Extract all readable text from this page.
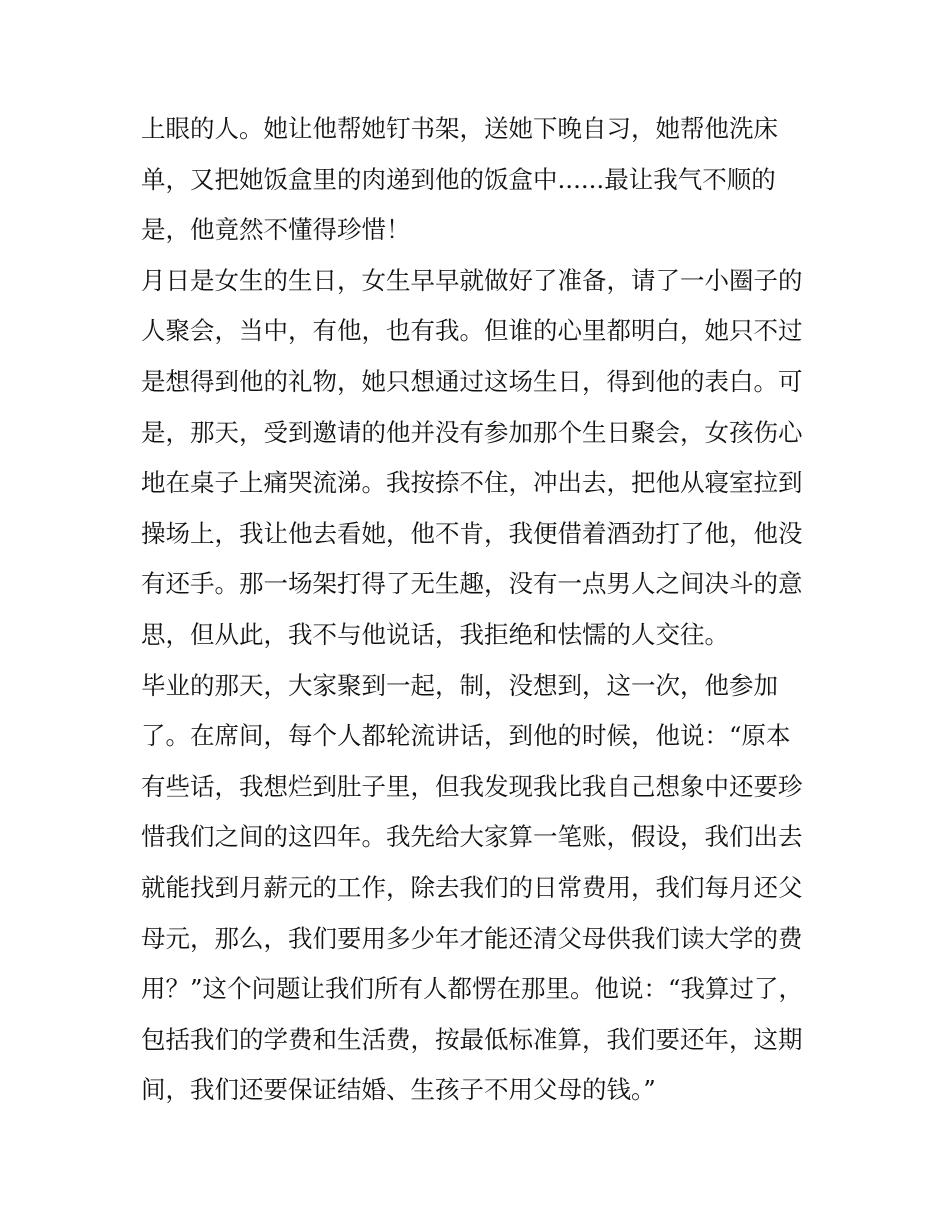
上眼的人。她让他帮她钉书架，送她下晚自习，她帮他洗床
单，又把她饭盒里的肉递到他的饭盒中......最让我气不顺的
是，他竟然不懂得珍惜！
月日是女生的生日，女生早早就做好了准备，请了一小圈子的
人聚会，当中，有他，也有我。但谁的心里都明白，她只不过
是想得到他的礼物，她只想通过这场生日，得到他的表白。可
是，那天，受到邀请的他并没有参加那个生日聚会，女孩伤心
地在桌子上痛哭流涕。我按捺不住，冲出去，把他从寝室拉到
操场上，我让他去看她，他不肯，我便借着酒劲打了他，他没
有还手。那一场架打得了无生趣，没有一点男人之间决斗的意
思，但从此，我不与他说话，我拒绝和怯懦的人交往。
毕业的那天，大家聚到一起，制，没想到，这一次，他参加
了。在席间，每个人都轮流讲话，到他的时候，他说：“原本
有些话，我想烂到肚子里，但我发现我比我自己想象中还要珍
惜我们之间的这四年。我先给大家算一笔账，假设，我们出去
就能找到月薪元的工作，除去我们的日常费用，我们每月还父
母元，那么，我们要用多少年才能还清父母供我们读大学的费
用？”这个问题让我们所有人都愣在那里。他说：“我算过了，
包括我们的学费和生活费，按最低标准算，我们要还年，这期
间，我们还要保证结婚、生孩子不用父母的钱。”
